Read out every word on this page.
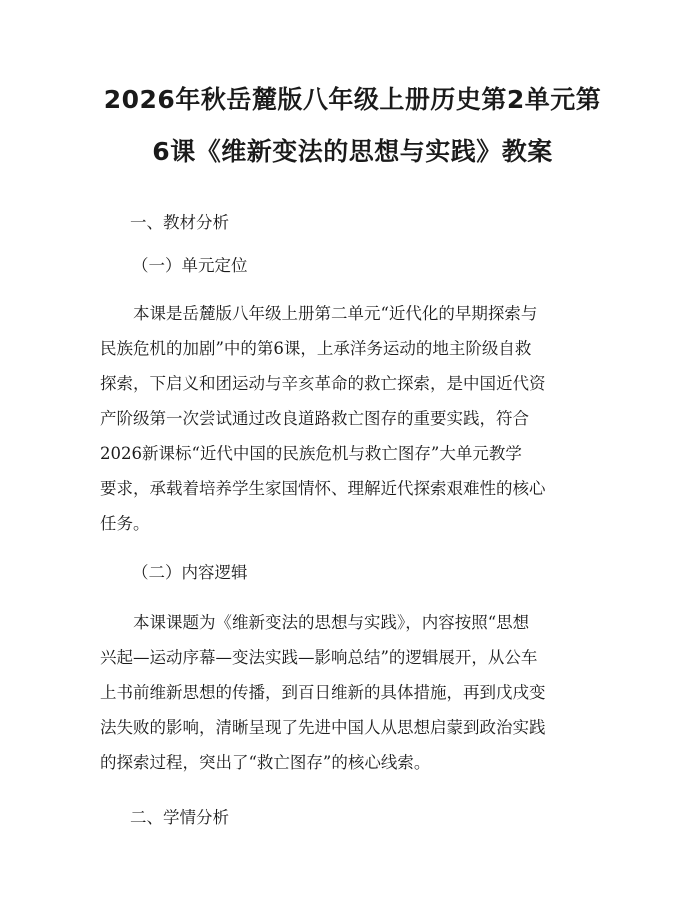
2026年秋岳麓版八年级上册历史第2单元第
6课《维新变法的思想与实践》教案

一、教材分析

（一）单元定位

本课是岳麓版八年级上册第二单元“近代化的早期探索与
民族危机的加剧”中的第6课，上承洋务运动的地主阶级自救
探索，下启义和团运动与辛亥革命的救亡探索，是中国近代资
产阶级第一次尝试通过改良道路救亡图存的重要实践，符合
2026新课标“近代中国的民族危机与救亡图存”大单元教学
要求，承载着培养学生家国情怀、理解近代探索艰难性的核心
任务。

（二）内容逻辑

本课课题为《维新变法的思想与实践》，内容按照“思想
兴起—运动序幕—变法实践—影响总结”的逻辑展开，从公车
上书前维新思想的传播，到百日维新的具体措施，再到戊戌变
法失败的影响，清晰呈现了先进中国人从思想启蒙到政治实践
的探索过程，突出了“救亡图存”的核心线索。

二、学情分析
